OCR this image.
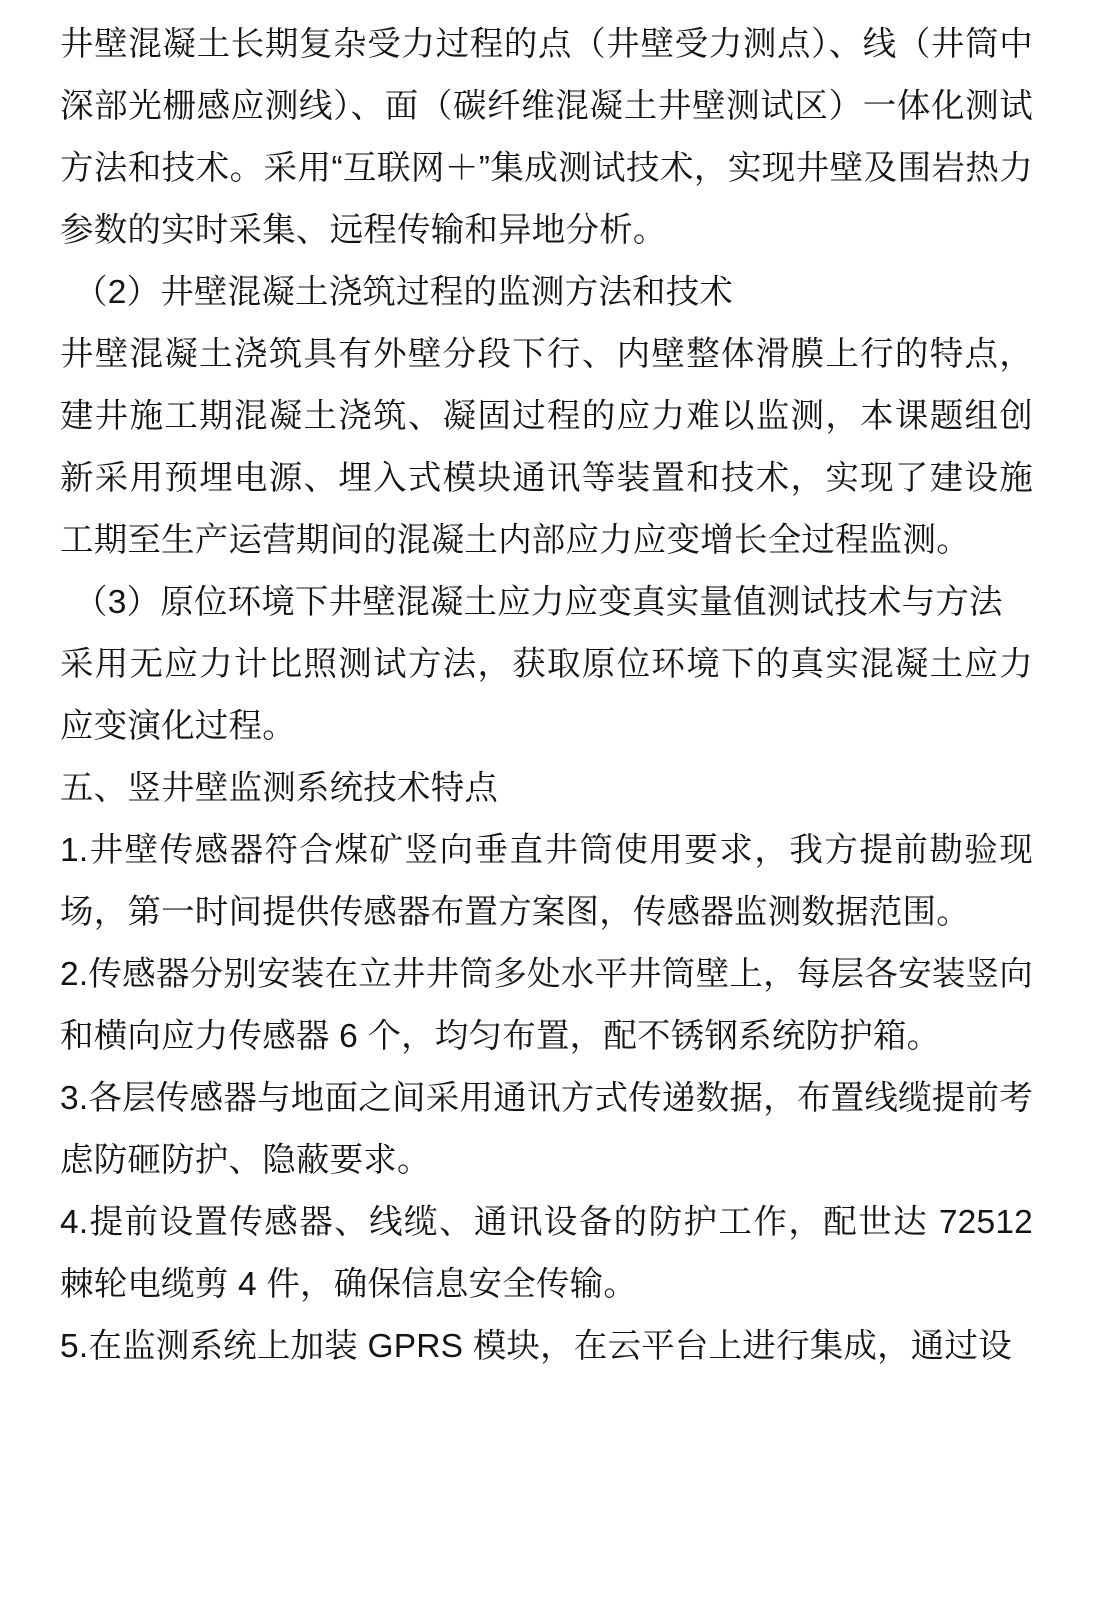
井壁混凝土长期复杂受力过程的点（井壁受力测点）、线（井筒中深部光栅感应测线）、面（碳纤维混凝土井壁测试区）一体化测试方法和技术。采用“互联网＋”集成测试技术，实现井壁及围岩热力参数的实时采集、远程传输和异地分析。

（2）井壁混凝土浇筑过程的监测方法和技术

井壁混凝土浇筑具有外壁分段下行、内壁整体滑膜上行的特点，建井施工期混凝土浇筑、凝固过程的应力难以监测，本课题组创新采用预埋电源、埋入式模块通讯等装置和技术，实现了建设施工期至生产运营期间的混凝土内部应力应变增长全过程监测。

（3）原位环境下井壁混凝土应力应变真实量值测试技术与方法

采用无应力计比照测试方法，获取原位环境下的真实混凝土应力应变演化过程。

五、竖井壁监测系统技术特点

1.井壁传感器符合煤矿竖向垂直井筒使用要求，我方提前勘验现场，第一时间提供传感器布置方案图，传感器监测数据范围。

2.传感器分别安装在立井井筒多处水平井筒壁上，每层各安装竖向和横向应力传感器 6 个，均匀布置，配不锈钢系统防护箱。

3.各层传感器与地面之间采用通讯方式传递数据，布置线缆提前考虑防砸防护、隐蔽要求。

4.提前设置传感器、线缆、通讯设备的防护工作，配世达 72512 棘轮电缆剪 4 件，确保信息安全传输。

5.在监测系统上加装 GPRS 模块，在云平台上进行集成，通过设
